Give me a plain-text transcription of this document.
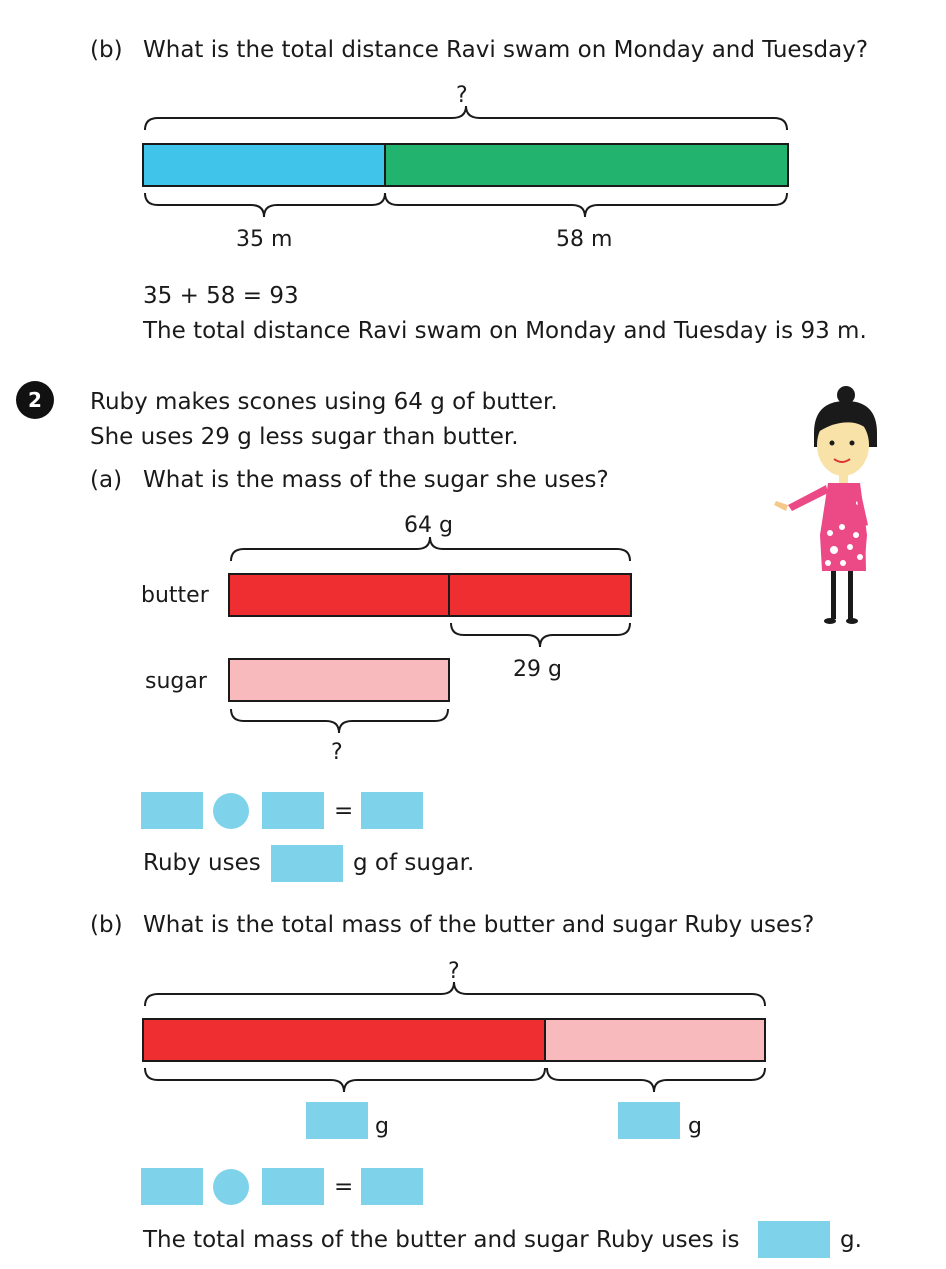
(b) What is the total distance Ravi swam on Monday and Tuesday?
?
35 m	58 m
35 + 58 = 93
The total distance Ravi swam on Monday and Tuesday is 93 m.
2	Ruby makes scones using 64 g of butter.
She uses 29 g less sugar than butter.
(a) What is the mass of the sugar she uses?
64 g
butter
29 g
sugar
?
=
Ruby uses	g of sugar.
(b) What is the total mass of the butter and sugar Ruby uses?
?
g	g
=
The total mass of the butter and sugar Ruby uses is	g.
